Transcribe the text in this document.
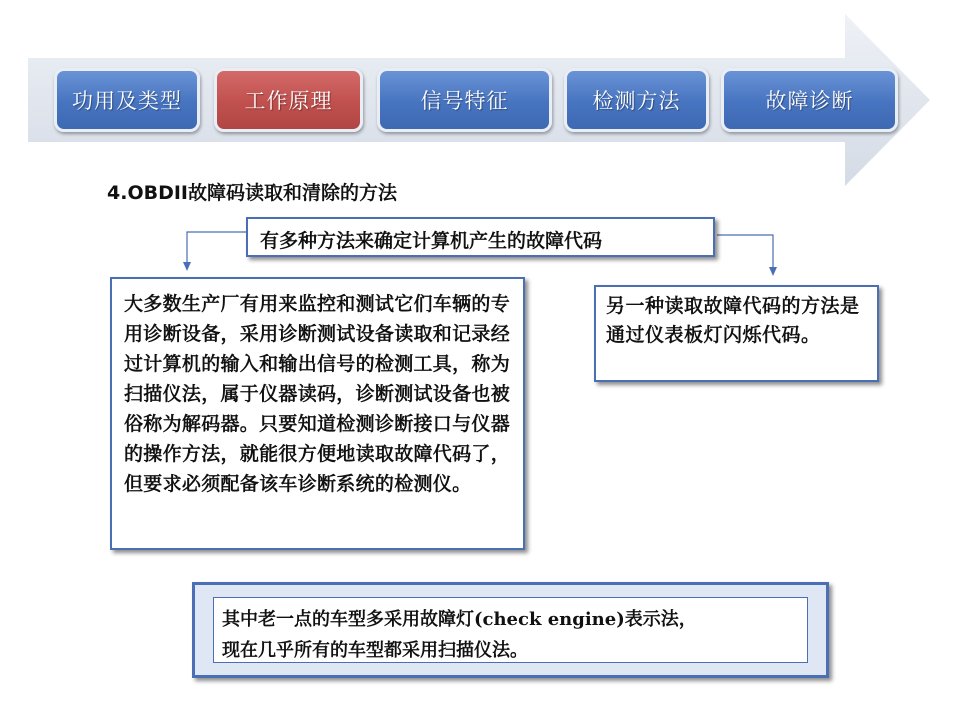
功用及类型	工作原理	信号特征	检测方法	故障诊断
4.OBDII故障码读取和清除的方法
有多种方法来确定计算机产生的故障代码
大多数生产厂有用来监控和测试它们车辆的专用诊断设备，采用诊断测试设备读取和记录经过计算机的输入和输出信号的检测工具，称为扫描仪法，属于仪器读码，诊断测试设备也被俗称为解码器。只要知道检测诊断接口与仪器的操作方法，就能很方便地读取故障代码了，但要求必须配备该车诊断系统的检测仪。
另一种读取故障代码的方法是通过仪表板灯闪烁代码。
其中老一点的车型多采用故障灯(check engine)表示法，
现在几乎所有的车型都采用扫描仪法。
